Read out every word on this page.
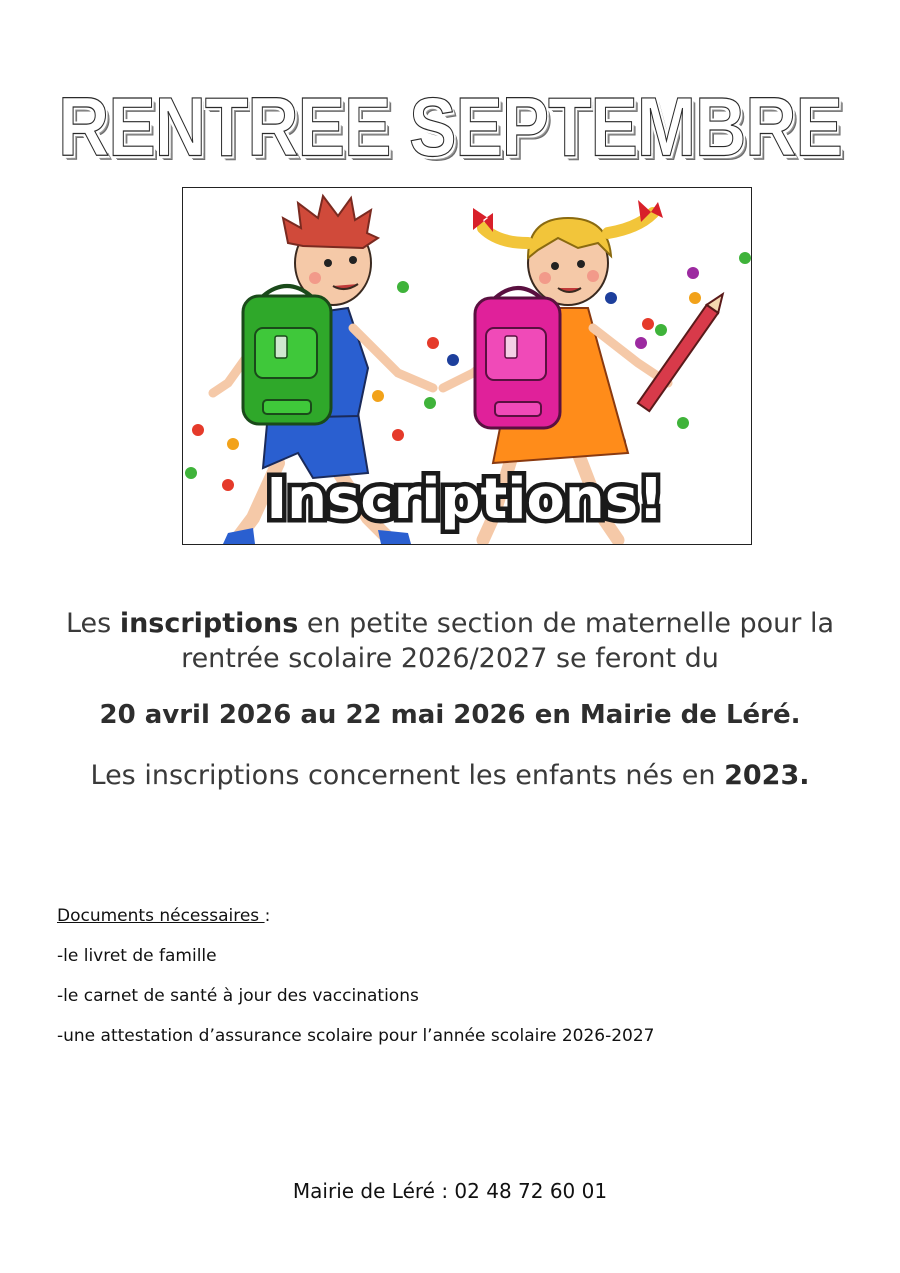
RENTREE SEPTEMBRE
Inscriptions!
Les inscriptions en petite section de maternelle pour la
rentrée scolaire 2026/2027 se feront du
20 avril 2026 au 22 mai 2026 en Mairie de Léré.
Les inscriptions concernent les enfants nés en 2023.
Documents nécessaires :
-le livret de famille
-le carnet de santé à jour des vaccinations
-une attestation d’assurance scolaire pour l’année scolaire 2026-2027
Mairie de Léré : 02 48 72 60 01
